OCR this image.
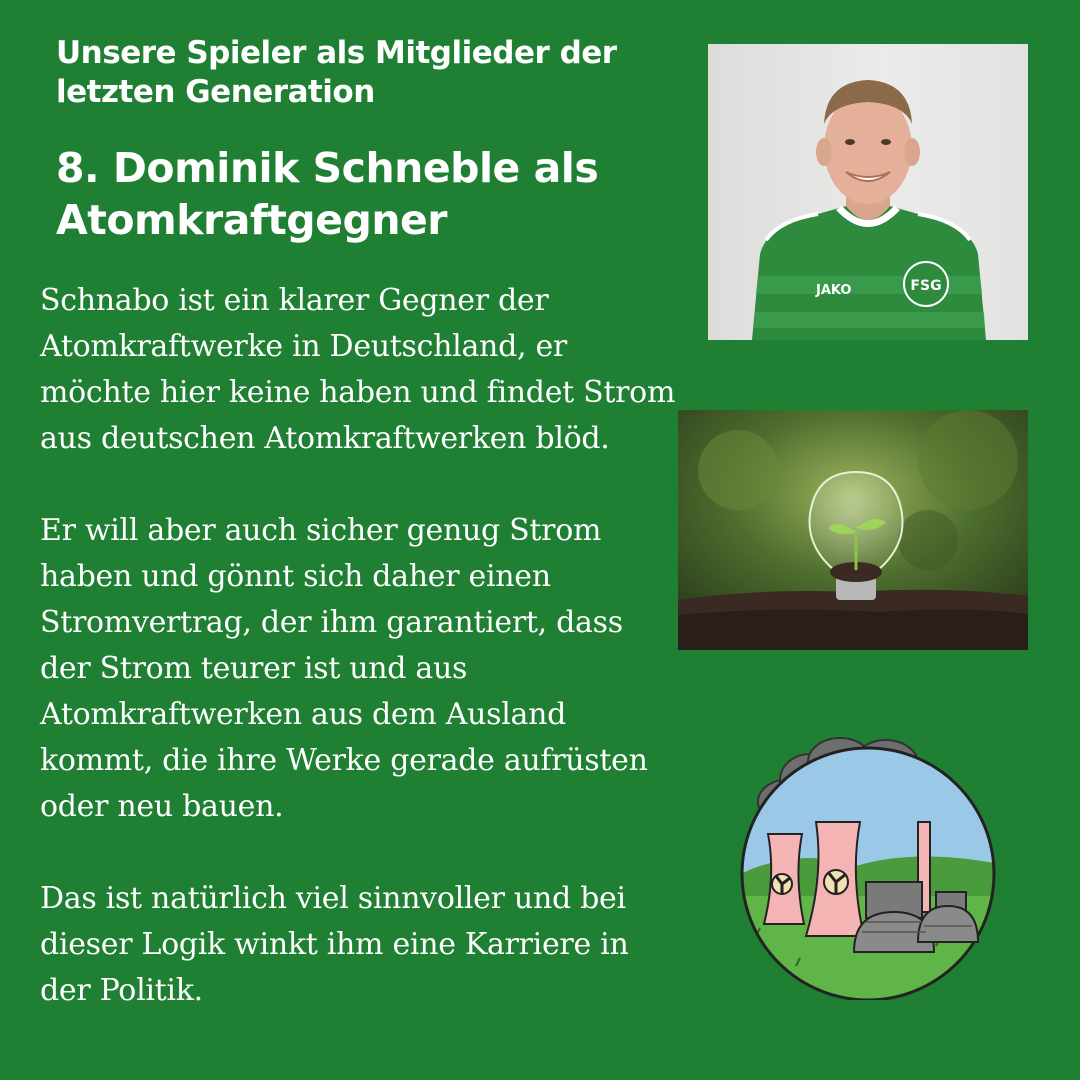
Unsere Spieler als Mitglieder der letzten Generation
8. Dominik Schneble als Atomkraftgegner

Schnabo ist ein klarer Gegner der Atomkraftwerke in Deutschland, er möchte hier keine haben und findet Strom aus deutschen Atomkraftwerken blöd.

Er will aber auch sicher genug Strom haben und gönnt sich daher einen Stromvertrag, der ihm garantiert, dass der Strom teurer ist und aus Atomkraftwerken aus dem Ausland kommt, die ihre Werke gerade aufrüsten oder neu bauen.

Das ist natürlich viel sinnvoller und bei dieser Logik winkt ihm eine Karriere in der Politik.

JAKO	FSG
